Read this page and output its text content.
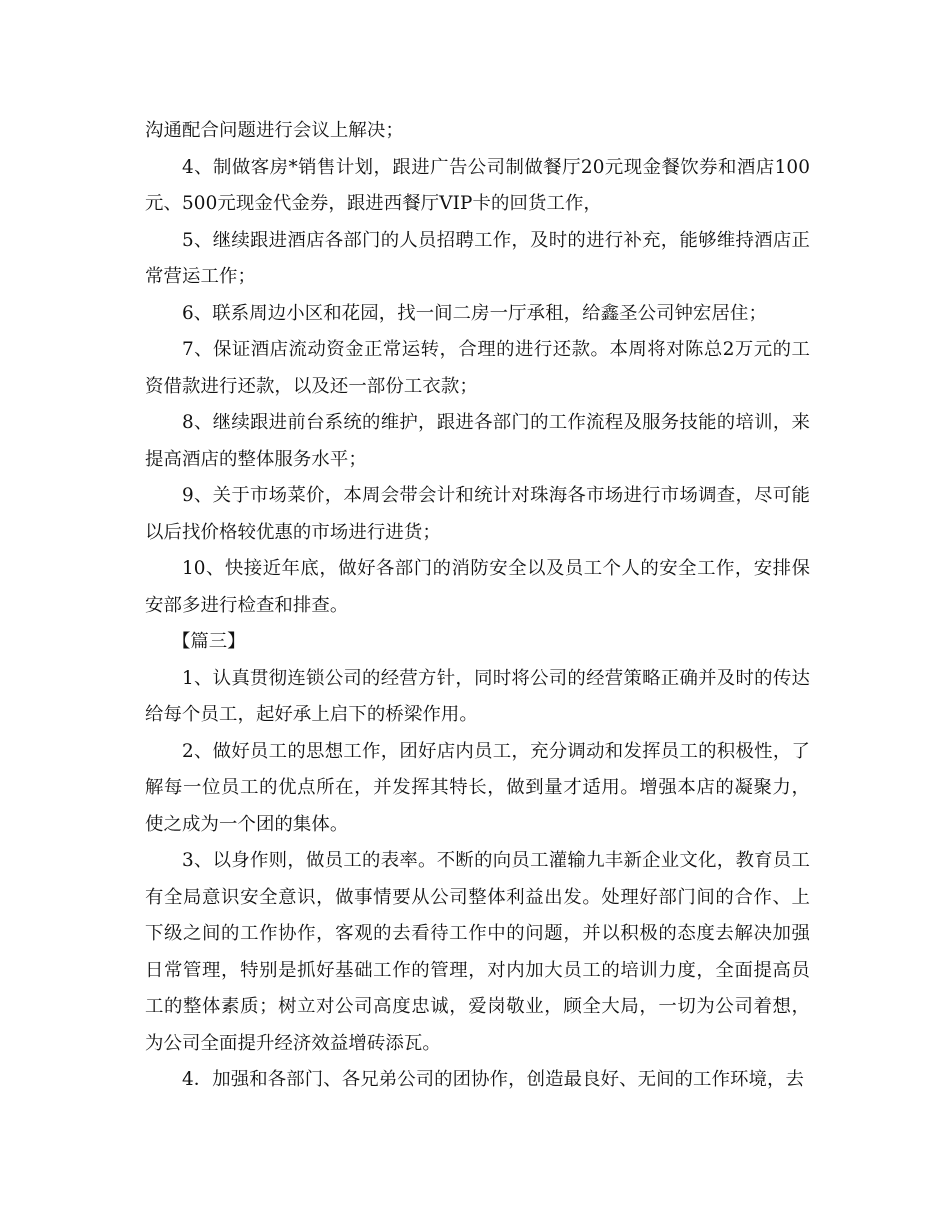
沟通配合问题进行会议上解决；

4、制做客房*销售计划，跟进广告公司制做餐厅20元现金餐饮券和酒店100元、500元现金代金券，跟进西餐厅VIP卡的回货工作，

5、继续跟进酒店各部门的人员招聘工作，及时的进行补充，能够维持酒店正常营运工作；

6、联系周边小区和花园，找一间二房一厅承租，给鑫圣公司钟宏居住；

7、保证酒店流动资金正常运转，合理的进行还款。本周将对陈总2万元的工资借款进行还款，以及还一部份工衣款；

8、继续跟进前台系统的维护，跟进各部门的工作流程及服务技能的培训，来提高酒店的整体服务水平；

9、关于市场菜价，本周会带会计和统计对珠海各市场进行市场调查，尽可能以后找价格较优惠的市场进行进货；

10、快接近年底，做好各部门的消防安全以及员工个人的安全工作，安排保安部多进行检查和排查。

【篇三】

1、认真贯彻连锁公司的经营方针，同时将公司的经营策略正确并及时的传达给每个员工，起好承上启下的桥梁作用。

2、做好员工的思想工作，团好店内员工，充分调动和发挥员工的积极性，了解每一位员工的优点所在，并发挥其特长，做到量才适用。增强本店的凝聚力，使之成为一个团的集体。

3、以身作则，做员工的表率。不断的向员工灌输九丰新企业文化，教育员工有全局意识安全意识，做事情要从公司整体利益出发。处理好部门间的合作、上下级之间的工作协作，客观的去看待工作中的问题，并以积极的态度去解决加强日常管理，特别是抓好基础工作的管理，对内加大员工的培训力度，全面提高员工的整体素质；树立对公司高度忠诚，爱岗敬业，顾全大局，一切为公司着想，为公司全面提升经济效益增砖添瓦。

4．加强和各部门、各兄弟公司的团协作，创造最良好、无间的工作环境，去
